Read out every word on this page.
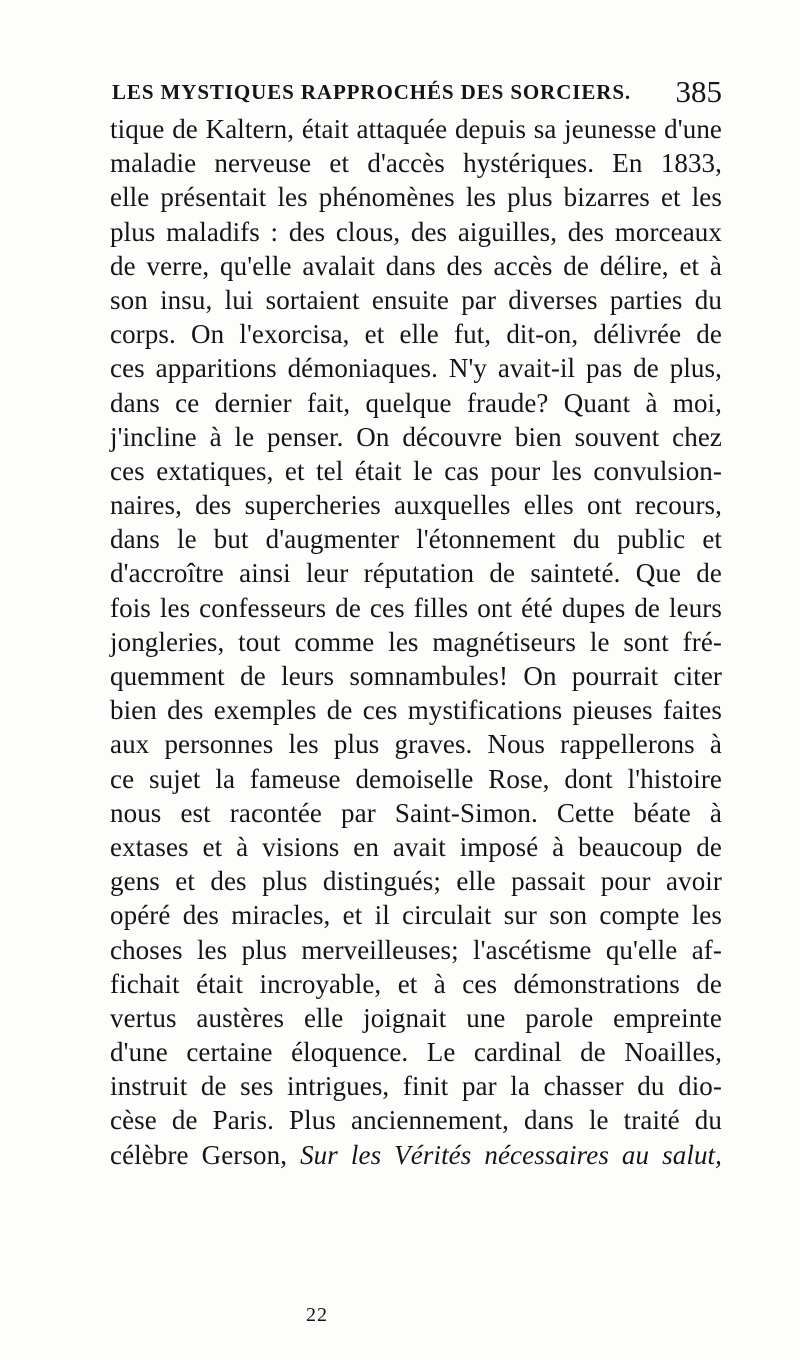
LES MYSTIQUES RAPPROCHÉS DES SORCIERS. 385
tique de Kaltern, était attaquée depuis sa jeunesse d'une
maladie nerveuse et d'accès hystériques. En 1833,
elle présentait les phénomènes les plus bizarres et les
plus maladifs : des clous, des aiguilles, des morceaux
de verre, qu'elle avalait dans des accès de délire, et à
son insu, lui sortaient ensuite par diverses parties du
corps. On l'exorcisa, et elle fut, dit-on, délivrée de
ces apparitions démoniaques. N'y avait-il pas de plus,
dans ce dernier fait, quelque fraude? Quant à moi,
j'incline à le penser. On découvre bien souvent chez
ces extatiques, et tel était le cas pour les convulsion-
naires, des supercheries auxquelles elles ont recours,
dans le but d'augmenter l'étonnement du public et
d'accroître ainsi leur réputation de sainteté. Que de
fois les confesseurs de ces filles ont été dupes de leurs
jongleries, tout comme les magnétiseurs le sont fré-
quemment de leurs somnambules! On pourrait citer
bien des exemples de ces mystifications pieuses faites
aux personnes les plus graves. Nous rappellerons à
ce sujet la fameuse demoiselle Rose, dont l'histoire
nous est racontée par Saint-Simon. Cette béate à
extases et à visions en avait imposé à beaucoup de
gens et des plus distingués; elle passait pour avoir
opéré des miracles, et il circulait sur son compte les
choses les plus merveilleuses; l'ascétisme qu'elle af-
fichait était incroyable, et à ces démonstrations de
vertus austères elle joignait une parole empreinte
d'une certaine éloquence. Le cardinal de Noailles,
instruit de ses intrigues, finit par la chasser du dio-
cèse de Paris. Plus anciennement, dans le traité du
célèbre Gerson, Sur les Vérités nécessaires au salut,
22
